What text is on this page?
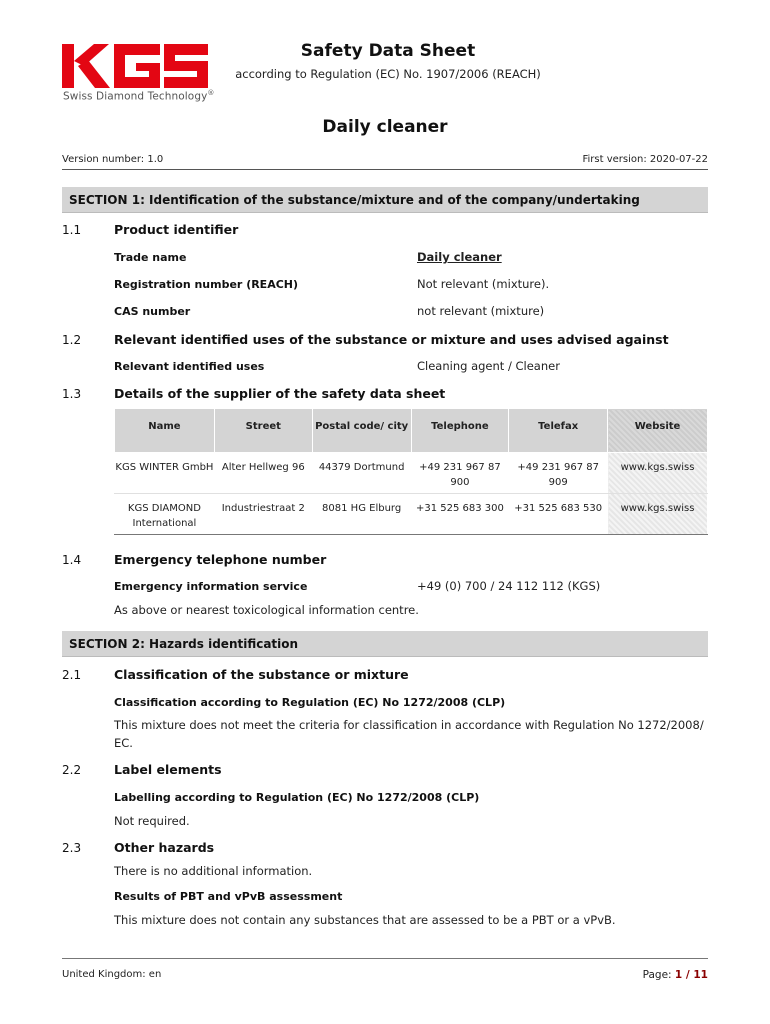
Swiss Diamond Technology®
Safety Data Sheet
according to Regulation (EC) No. 1907/2006 (REACH)
Daily cleaner
Version number: 1.0	First version: 2020-07-22
SECTION 1: Identification of the substance/mixture and of the company/undertaking
1.1	Product identifier
Trade name	Daily cleaner
Registration number (REACH)	Not relevant (mixture).
CAS number	not relevant (mixture)
1.2	Relevant identified uses of the substance or mixture and uses advised against
Relevant identified uses	Cleaning agent / Cleaner
1.3	Details of the supplier of the safety data sheet
Name	Street	Postal code/ city	Telephone	Telefax	Website
KGS WINTER GmbH	Alter Hellweg 96	44379 Dortmund	+49 231 967 87 900	+49 231 967 87 909	www.kgs.swiss
KGS DIAMOND International	Industriestraat 2	8081 HG Elburg	+31 525 683 300	+31 525 683 530	www.kgs.swiss
1.4	Emergency telephone number
Emergency information service	+49 (0) 700 / 24 112 112 (KGS)
As above or nearest toxicological information centre.
SECTION 2: Hazards identification
2.1	Classification of the substance or mixture
Classification according to Regulation (EC) No 1272/2008 (CLP)
This mixture does not meet the criteria for classification in accordance with Regulation No 1272/2008/ EC.
2.2	Label elements
Labelling according to Regulation (EC) No 1272/2008 (CLP)
Not required.
2.3	Other hazards
There is no additional information.
Results of PBT and vPvB assessment
This mixture does not contain any substances that are assessed to be a PBT or a vPvB.
United Kingdom: en	Page: 1 / 11
